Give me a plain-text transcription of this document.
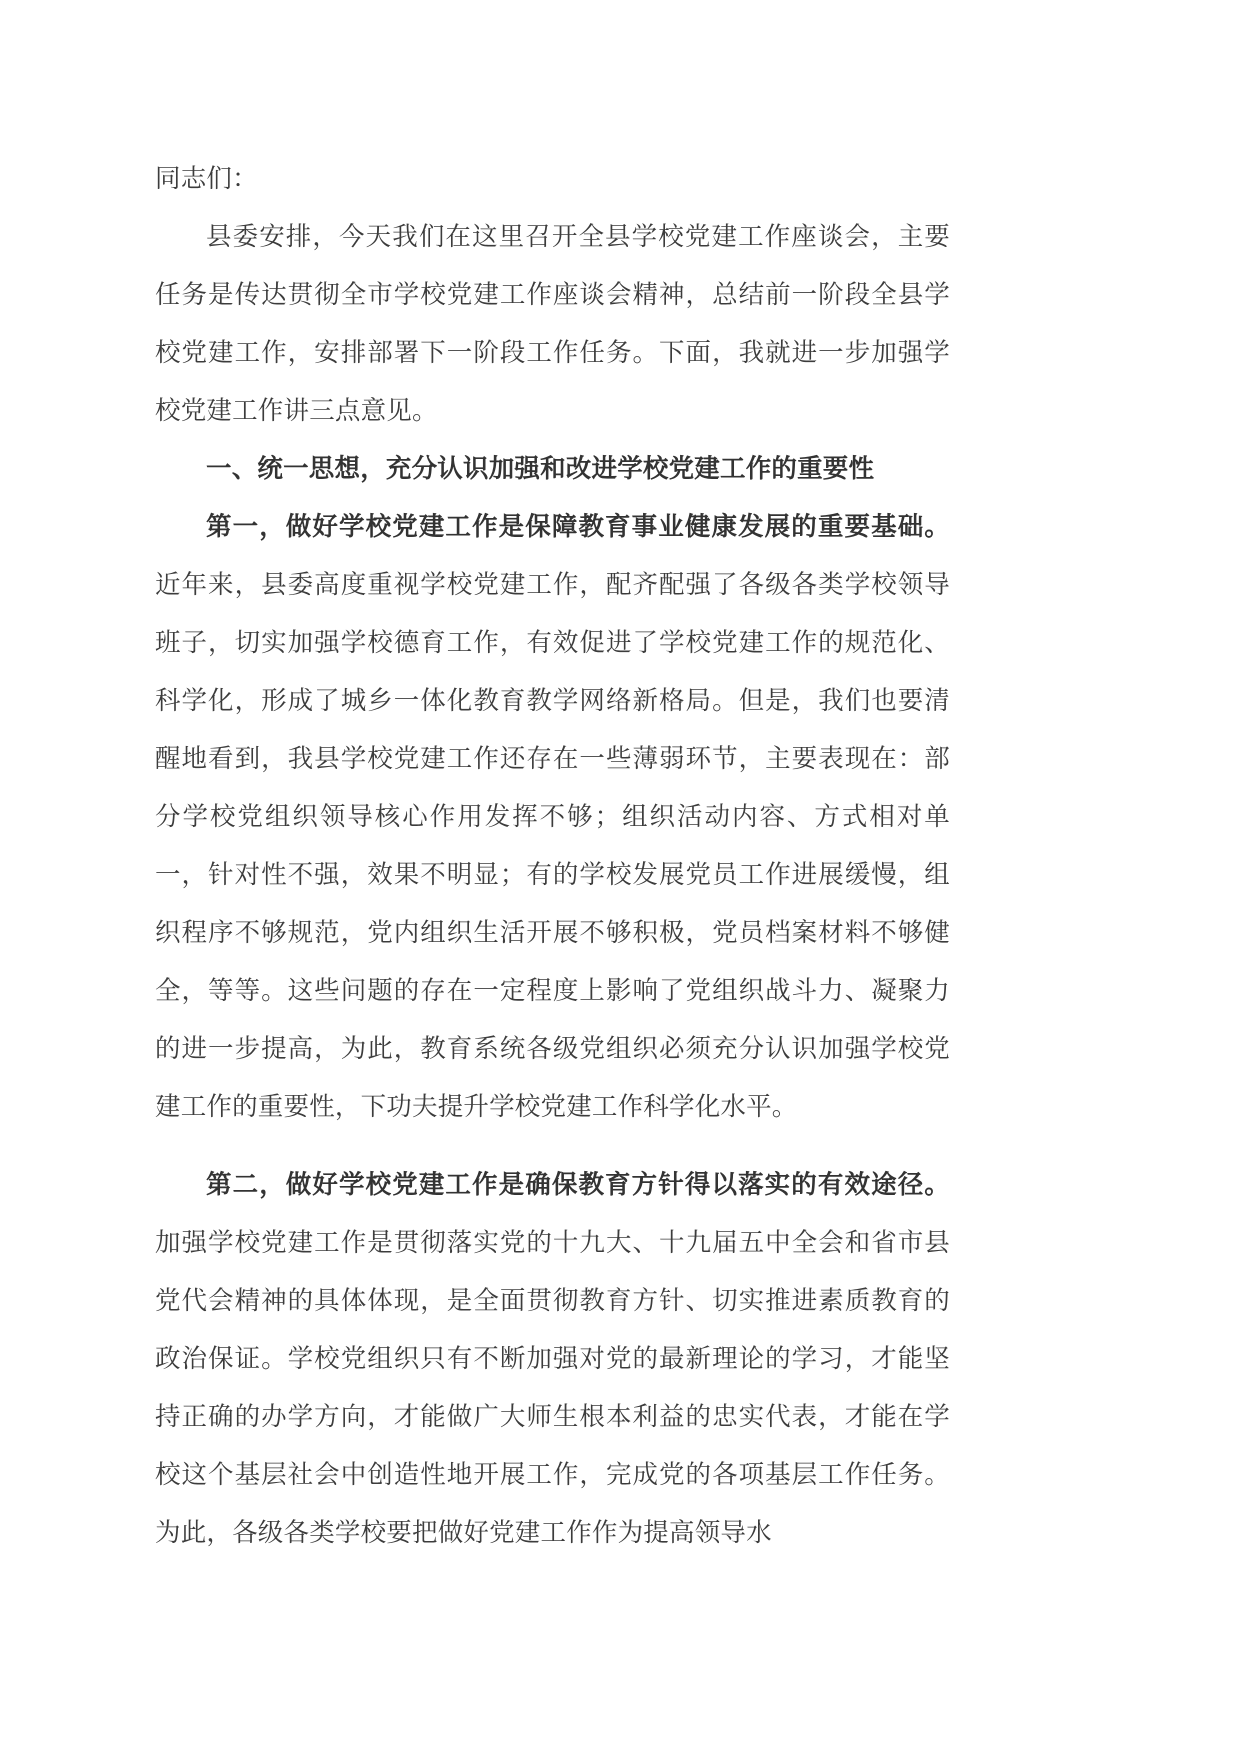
同志们：

县委安排，今天我们在这里召开全县学校党建工作座谈会，主要任务是传达贯彻全市学校党建工作座谈会精神，总结前一阶段全县学校党建工作，安排部署下一阶段工作任务。下面，我就进一步加强学校党建工作讲三点意见。

一、统一思想，充分认识加强和改进学校党建工作的重要性

第一，做好学校党建工作是保障教育事业健康发展的重要基础。近年来，县委高度重视学校党建工作，配齐配强了各级各类学校领导班子，切实加强学校德育工作，有效促进了学校党建工作的规范化、科学化，形成了城乡一体化教育教学网络新格局。但是，我们也要清醒地看到，我县学校党建工作还存在一些薄弱环节，主要表现在：部分学校党组织领导核心作用发挥不够；组织活动内容、方式相对单一，针对性不强，效果不明显；有的学校发展党员工作进展缓慢，组织程序不够规范，党内组织生活开展不够积极，党员档案材料不够健全，等等。这些问题的存在一定程度上影响了党组织战斗力、凝聚力的进一步提高，为此，教育系统各级党组织必须充分认识加强学校党建工作的重要性，下功夫提升学校党建工作科学化水平。

第二，做好学校党建工作是确保教育方针得以落实的有效途径。加强学校党建工作是贯彻落实党的十九大、十九届五中全会和省市县党代会精神的具体体现，是全面贯彻教育方针、切实推进素质教育的政治保证。学校党组织只有不断加强对党的最新理论的学习，才能坚持正确的办学方向，才能做广大师生根本利益的忠实代表，才能在学校这个基层社会中创造性地开展工作，完成党的各项基层工作任务。为此，各级各类学校要把做好党建工作作为提高领导水
